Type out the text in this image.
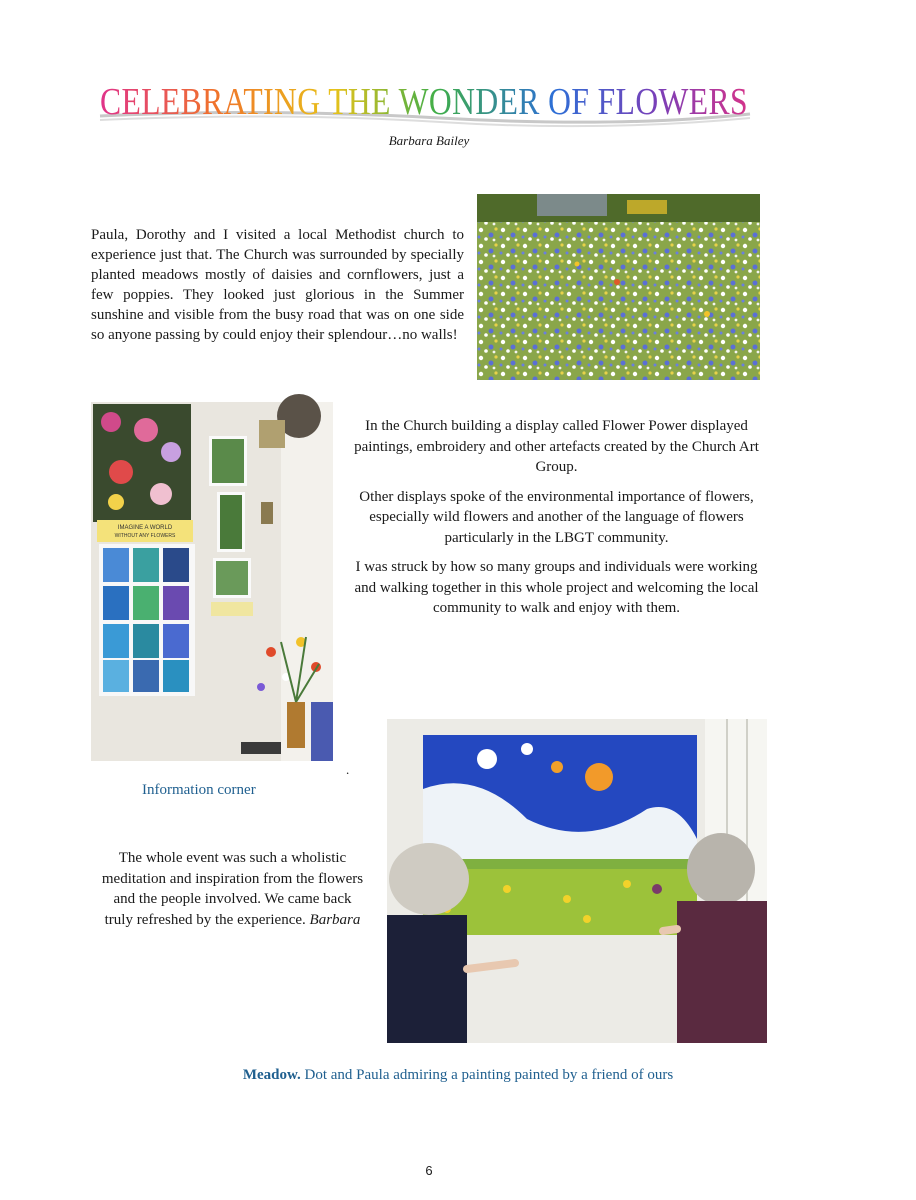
CELEBRATING THE WONDER OF FLOWERS
Barbara Bailey

Paula, Dorothy and I visited a local Methodist church to experience just that. The Church was surrounded by specially planted meadows mostly of daisies and cornflowers, just a few poppies. They looked just glorious in the Summer sunshine and visible from the busy road that was on one side so anyone passing by could enjoy their splendour…no walls!

IMAGINE A WORLD
WITHOUT ANY FLOWERS

In the Church building a display called Flower Power displayed paintings, embroidery and other artefacts created by the Church Art Group.

Other displays spoke of the environmental importance of flowers, especially wild flowers and another of the language of flowers particularly in the LBGT community.

I was struck by how so many groups and individuals were working and walking together in this whole project and welcoming the local community to walk and enjoy with them.

.
Information corner

The whole event was such a wholistic meditation and inspiration from the flowers and the people involved. We came back truly refreshed by the experience. Barbara

Meadow. Dot and Paula admiring a painting painted by a friend of ours
6
